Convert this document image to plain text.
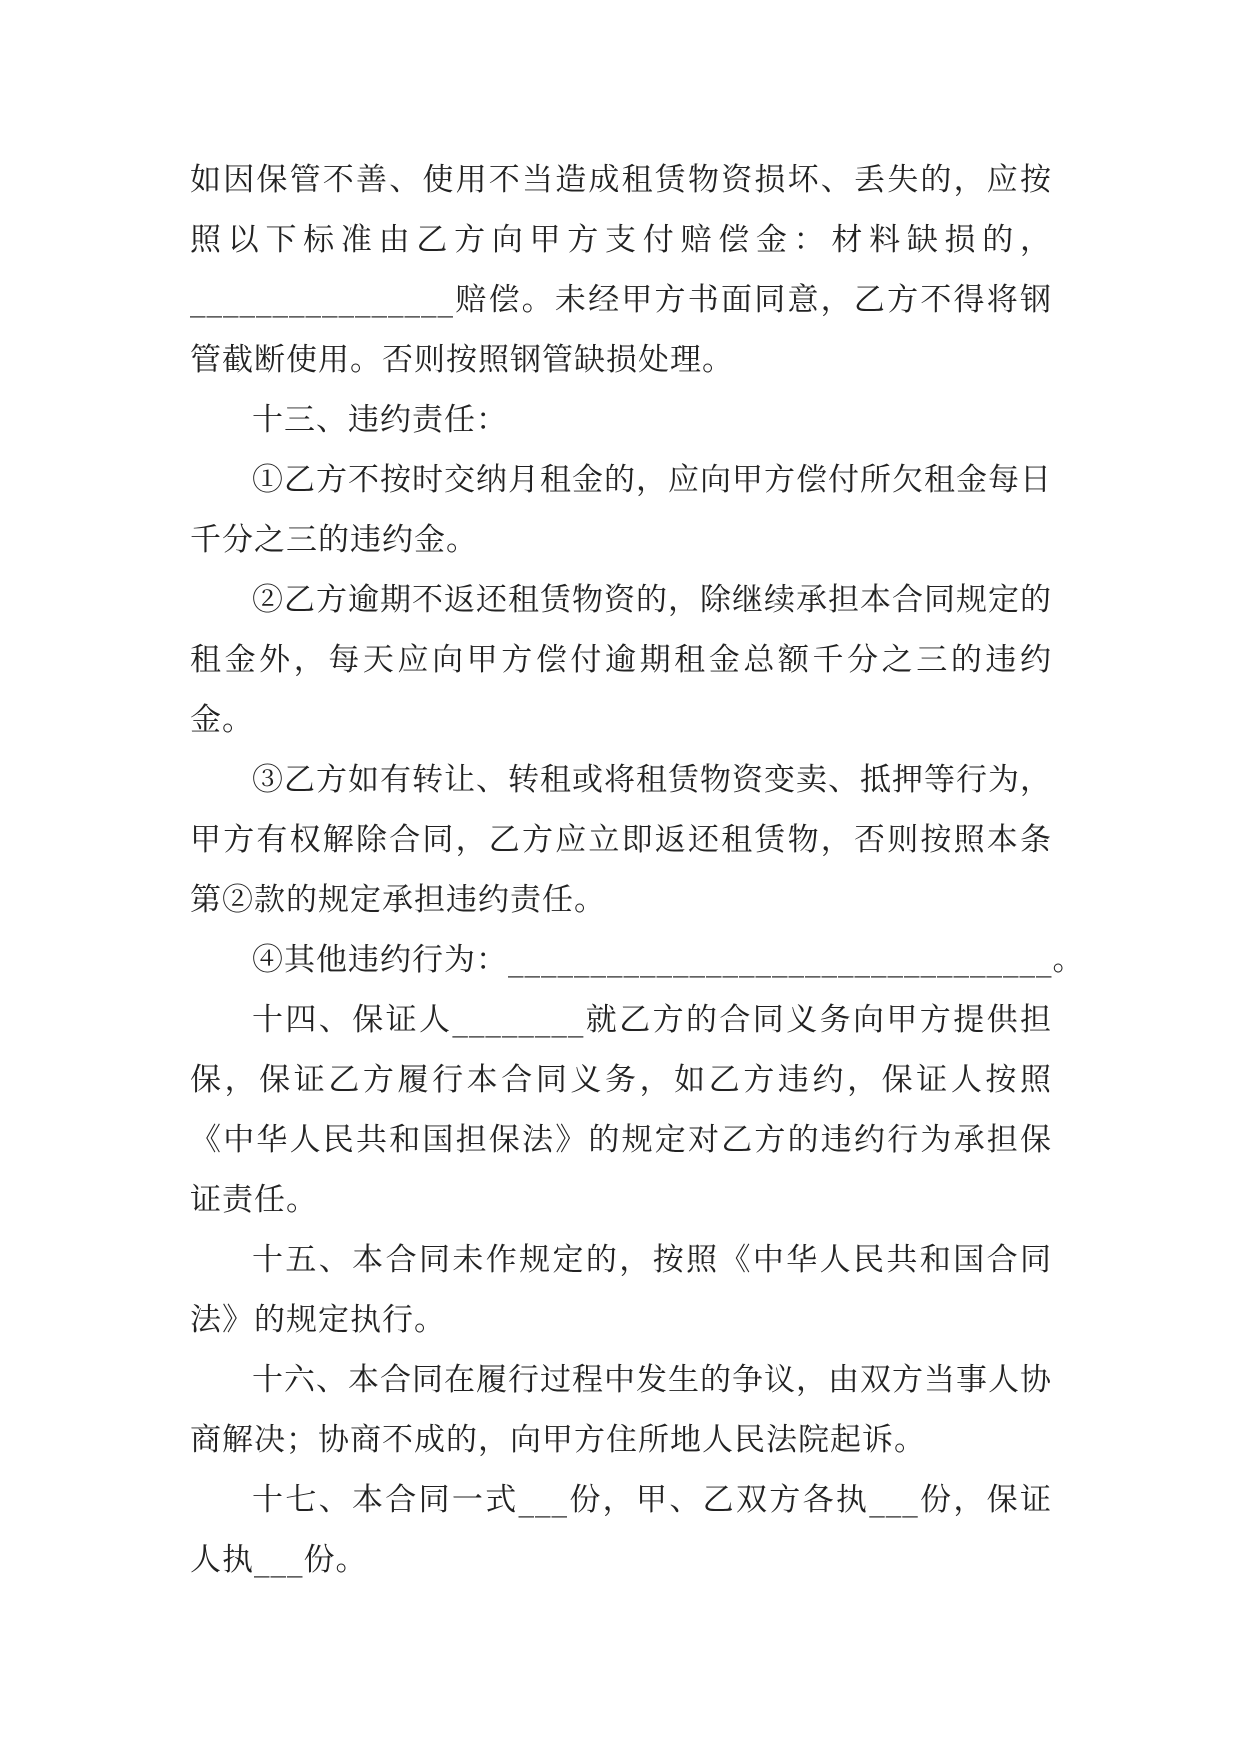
如因保管不善、使用不当造成租赁物资损坏、丢失的，应按照以下标准由乙方向甲方支付赔偿金：材料缺损的，________________赔偿。未经甲方书面同意，乙方不得将钢管截断使用。否则按照钢管缺损处理。

十三、违约责任：

①乙方不按时交纳月租金的，应向甲方偿付所欠租金每日千分之三的违约金。

②乙方逾期不返还租赁物资的，除继续承担本合同规定的租金外，每天应向甲方偿付逾期租金总额千分之三的违约金。

③乙方如有转让、转租或将租赁物资变卖、抵押等行为，甲方有权解除合同，乙方应立即返还租赁物，否则按照本条第②款的规定承担违约责任。

④其他违约行为：_________________________________。

十四、保证人________就乙方的合同义务向甲方提供担保，保证乙方履行本合同义务，如乙方违约，保证人按照《中华人民共和国担保法》的规定对乙方的违约行为承担保证责任。

十五、本合同未作规定的，按照《中华人民共和国合同法》的规定执行。

十六、本合同在履行过程中发生的争议，由双方当事人协商解决；协商不成的，向甲方住所地人民法院起诉。

十七、本合同一式___份，甲、乙双方各执___份，保证人执___份。
